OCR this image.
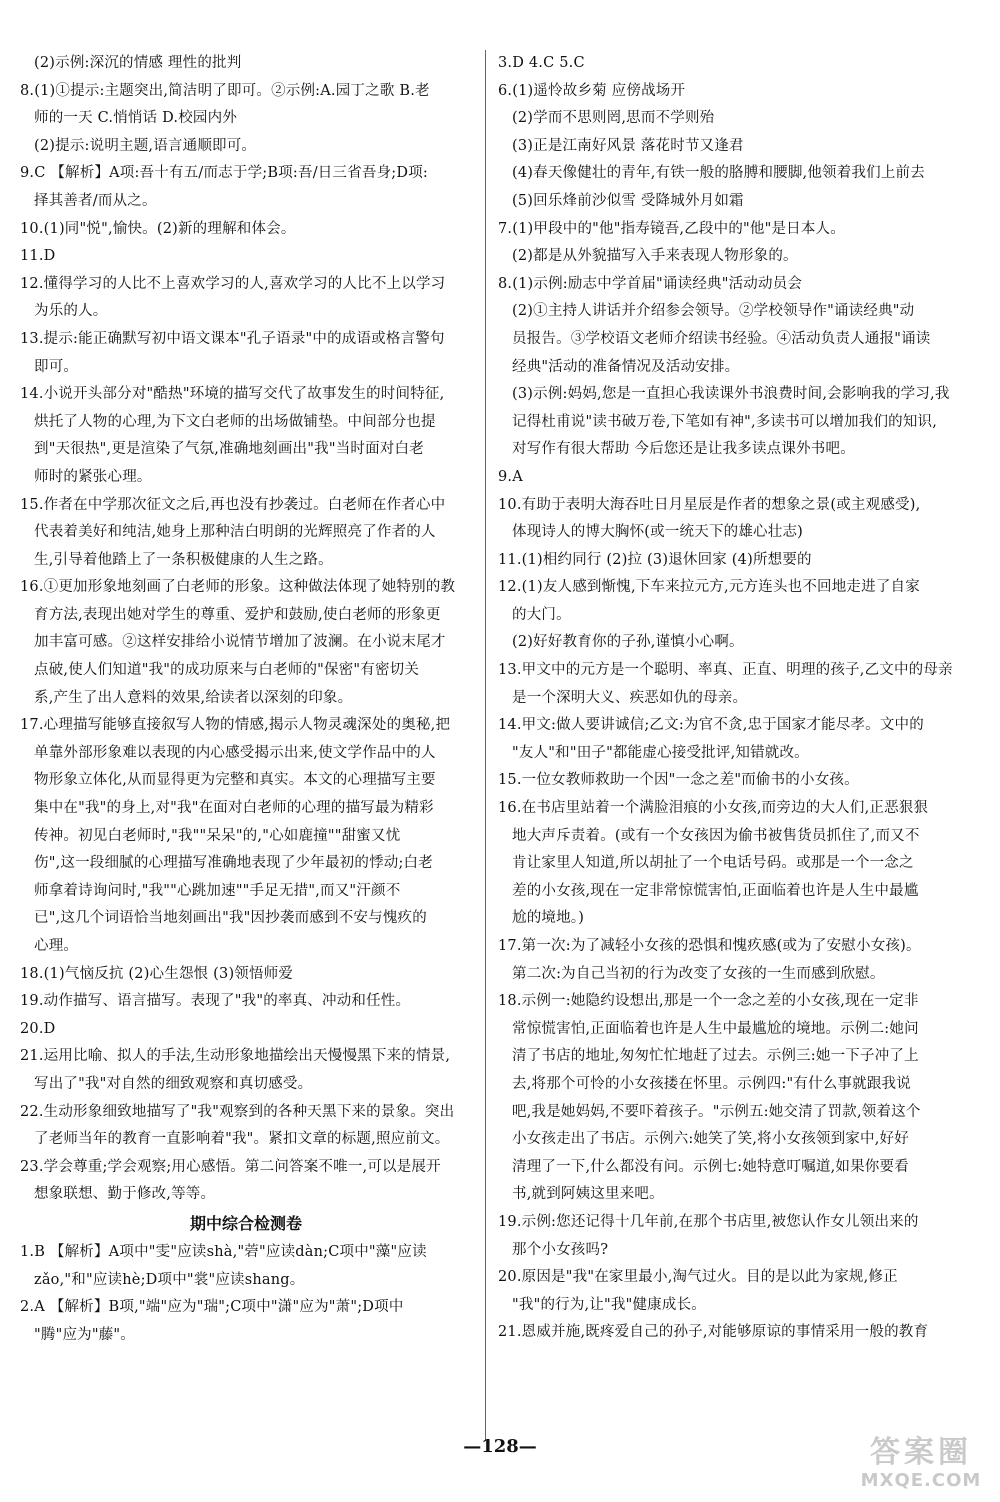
(2)示例:深沉的情感 理性的批判
8.(1)①提示:主题突出,简洁明了即可。②示例:A.园丁之歌 B.老
师的一天 C.悄悄话 D.校园内外
(2)提示:说明主题,语言通顺即可。
9.C 【解析】A项:吾十有五/而志于学;B项:吾/日三省吾身;D项:
择其善者/而从之。
10.(1)同"悦",愉快。(2)新的理解和体会。
11.D
12.懂得学习的人比不上喜欢学习的人,喜欢学习的人比不上以学习
为乐的人。
13.提示:能正确默写初中语文课本"孔子语录"中的成语或格言警句
即可。
14.小说开头部分对"酷热"环境的描写交代了故事发生的时间特征,
烘托了人物的心理,为下文白老师的出场做铺垫。中间部分也提
到"天很热",更是渲染了气氛,准确地刻画出"我"当时面对白老
师时的紧张心理。
15.作者在中学那次征文之后,再也没有抄袭过。白老师在作者心中
代表着美好和纯洁,她身上那种洁白明朗的光辉照亮了作者的人
生,引导着他踏上了一条积极健康的人生之路。
16.①更加形象地刻画了白老师的形象。这种做法体现了她特别的教
育方法,表现出她对学生的尊重、爱护和鼓励,使白老师的形象更
加丰富可感。②这样安排给小说情节增加了波澜。在小说末尾才
点破,使人们知道"我"的成功原来与白老师的"保密"有密切关
系,产生了出人意料的效果,给读者以深刻的印象。
17.心理描写能够直接叙写人物的情感,揭示人物灵魂深处的奥秘,把
单靠外部形象难以表现的内心感受揭示出来,使文学作品中的人
物形象立体化,从而显得更为完整和真实。本文的心理描写主要
集中在"我"的身上,对"我"在面对白老师的心理的描写最为精彩
传神。初见白老师时,"我""呆呆"的,"心如鹿撞""甜蜜又忧
伤",这一段细腻的心理描写准确地表现了少年最初的悸动;白老
师拿着诗询问时,"我""心跳加速""手足无措",而又"汗颜不
已",这几个词语恰当地刻画出"我"因抄袭而感到不安与愧疚的
心理。
18.(1)气恼反抗 (2)心生怨恨 (3)领悟师爱
19.动作描写、语言描写。表现了"我"的率真、冲动和任性。
20.D
21.运用比喻、拟人的手法,生动形象地描绘出天慢慢黑下来的情景,
写出了"我"对自然的细致观察和真切感受。
22.生动形象细致地描写了"我"观察到的各种天黑下来的景象。突出
了老师当年的教育一直影响着"我"。紧扣文章的标题,照应前文。
23.学会尊重;学会观察;用心感悟。第二问答案不唯一,可以是展开
想象联想、勤于修改,等等。
期中综合检测卷
1.B 【解析】A项中"雯"应读shà,"菪"应读dàn;C项中"藻"应读
zǎo,"和"应读hè;D项中"裳"应读shang。
2.A 【解析】B项,"端"应为"瑞";C项中"潇"应为"萧";D项中
"腾"应为"藤"。
3.D 4.C 5.C
6.(1)遥怜故乡菊 应傍战场开
(2)学而不思则罔,思而不学则殆
(3)正是江南好风景 落花时节又逢君
(4)春天像健壮的青年,有铁一般的胳膊和腰脚,他领着我们上前去
(5)回乐烽前沙似雪 受降城外月如霜
7.(1)甲段中的"他"指寿镜吾,乙段中的"他"是日本人。
(2)都是从外貌描写入手来表现人物形象的。
8.(1)示例:励志中学首届"诵读经典"活动动员会
(2)①主持人讲话并介绍参会领导。②学校领导作"诵读经典"动
员报告。③学校语文老师介绍读书经验。④活动负责人通报"诵读
经典"活动的准备情况及活动安排。
(3)示例:妈妈,您是一直担心我读课外书浪费时间,会影响我的学习,我
记得杜甫说"读书破万卷,下笔如有神",多读书可以增加我们的知识,
对写作有很大帮助 今后您还是让我多读点课外书吧。
9.A
10.有助于表明大海吞吐日月星辰是作者的想象之景(或主观感受),
体现诗人的博大胸怀(或一统天下的雄心壮志)
11.(1)相约同行 (2)拉 (3)退休回家 (4)所想要的
12.(1)友人感到惭愧,下车来拉元方,元方连头也不回地走进了自家
的大门。
(2)好好教育你的子孙,谨慎小心啊。
13.甲文中的元方是一个聪明、率真、正直、明理的孩子,乙文中的母亲
是一个深明大义、疾恶如仇的母亲。
14.甲文:做人要讲诚信;乙文:为官不贪,忠于国家才能尽孝。文中的
"友人"和"田子"都能虚心接受批评,知错就改。
15.一位女教师救助一个因"一念之差"而偷书的小女孩。
16.在书店里站着一个满脸泪痕的小女孩,而旁边的大人们,正恶狠狠
地大声斥责着。(或有一个女孩因为偷书被售货员抓住了,而又不
肯让家里人知道,所以胡扯了一个电话号码。或那是一个一念之
差的小女孩,现在一定非常惊慌害怕,正面临着也许是人生中最尴
尬的境地。)
17.第一次:为了减轻小女孩的恐惧和愧疚感(或为了安慰小女孩)。
第二次:为自己当初的行为改变了女孩的一生而感到欣慰。
18.示例一:她隐约设想出,那是一个一念之差的小女孩,现在一定非
常惊慌害怕,正面临着也许是人生中最尴尬的境地。示例二:她问
清了书店的地址,匆匆忙忙地赶了过去。示例三:她一下子冲了上
去,将那个可怜的小女孩搂在怀里。示例四:"有什么事就跟我说
吧,我是她妈妈,不要吓着孩子。"示例五:她交清了罚款,领着这个
小女孩走出了书店。示例六:她笑了笑,将小女孩领到家中,好好
清理了一下,什么都没有问。示例七:她特意叮嘱道,如果你要看
书,就到阿姨这里来吧。
19.示例:您还记得十几年前,在那个书店里,被您认作女儿领出来的
那个小女孩吗?
20.原因是"我"在家里最小,淘气过火。目的是以此为家规,修正
"我"的行为,让"我"健康成长。
21.恩威并施,既疼爱自己的孙子,对能够原谅的事情采用一般的教育
—128—	答案圈
MXQE.COM
